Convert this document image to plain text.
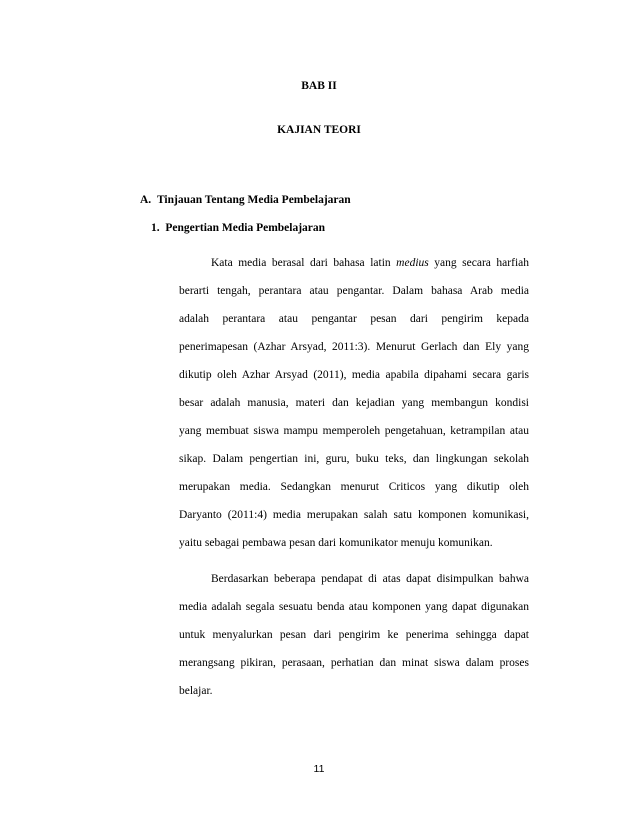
BAB II
KAJIAN TEORI
A. Tinjauan Tentang Media Pembelajaran
1. Pengertian Media Pembelajaran
Kata media berasal dari bahasa latin medius yang secara harfiah
berarti tengah, perantara atau pengantar. Dalam bahasa Arab media
adalah perantara atau pengantar pesan dari pengirim kepada
penerimapesan (Azhar Arsyad, 2011:3). Menurut Gerlach dan Ely yang
dikutip oleh Azhar Arsyad (2011), media apabila dipahami secara garis
besar adalah manusia, materi dan kejadian yang membangun kondisi
yang membuat siswa mampu memperoleh pengetahuan, ketrampilan atau
sikap. Dalam pengertian ini, guru, buku teks, dan lingkungan sekolah
merupakan media. Sedangkan menurut Criticos yang dikutip oleh
Daryanto (2011:4) media merupakan salah satu komponen komunikasi,
yaitu sebagai pembawa pesan dari komunikator menuju komunikan.
Berdasarkan beberapa pendapat di atas dapat disimpulkan bahwa
media adalah segala sesuatu benda atau komponen yang dapat digunakan
untuk menyalurkan pesan dari pengirim ke penerima sehingga dapat
merangsang pikiran, perasaan, perhatian dan minat siswa dalam proses
belajar.
11
